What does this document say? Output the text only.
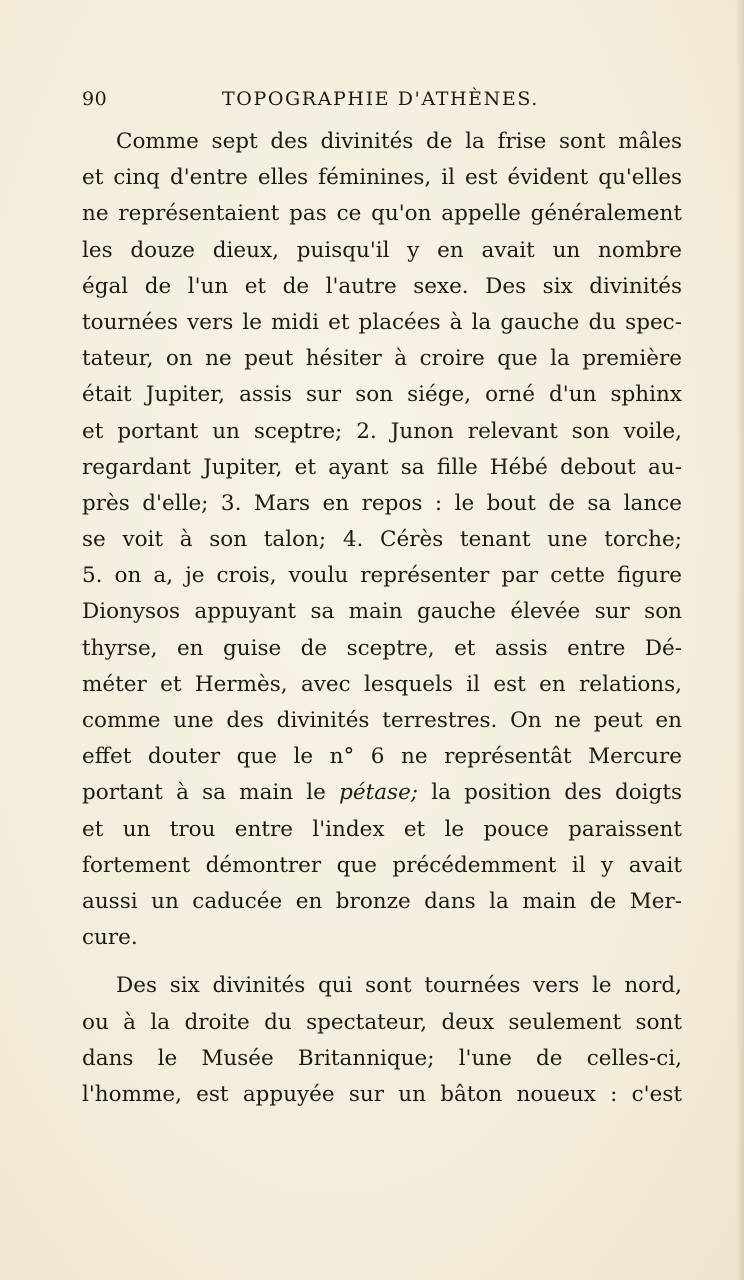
90	TOPOGRAPHIE D'ATHÈNES.
Comme sept des divinités de la frise sont mâles
et cinq d'entre elles féminines, il est évident qu'elles
ne représentaient pas ce qu'on appelle généralement
les douze dieux, puisqu'il y en avait un nombre
égal de l'un et de l'autre sexe. Des six divinités
tournées vers le midi et placées à la gauche du spec-
tateur, on ne peut hésiter à croire que la première
était Jupiter, assis sur son siége, orné d'un sphinx
et portant un sceptre; 2. Junon relevant son voile,
regardant Jupiter, et ayant sa fille Hébé debout au-
près d'elle; 3. Mars en repos : le bout de sa lance
se voit à son talon; 4. Cérès tenant une torche;
5. on a, je crois, voulu représenter par cette figure
Dionysos appuyant sa main gauche élevée sur son
thyrse, en guise de sceptre, et assis entre Dé-
méter et Hermès, avec lesquels il est en relations,
comme une des divinités terrestres. On ne peut en
effet douter que le n° 6 ne représentât Mercure
portant à sa main le pétase; la position des doigts
et un trou entre l'index et le pouce paraissent
fortement démontrer que précédemment il y avait
aussi un caducée en bronze dans la main de Mer-
cure.
Des six divinités qui sont tournées vers le nord,
ou à la droite du spectateur, deux seulement sont
dans le Musée Britannique; l'une de celles-ci,
l'homme, est appuyée sur un bâton noueux : c'est
